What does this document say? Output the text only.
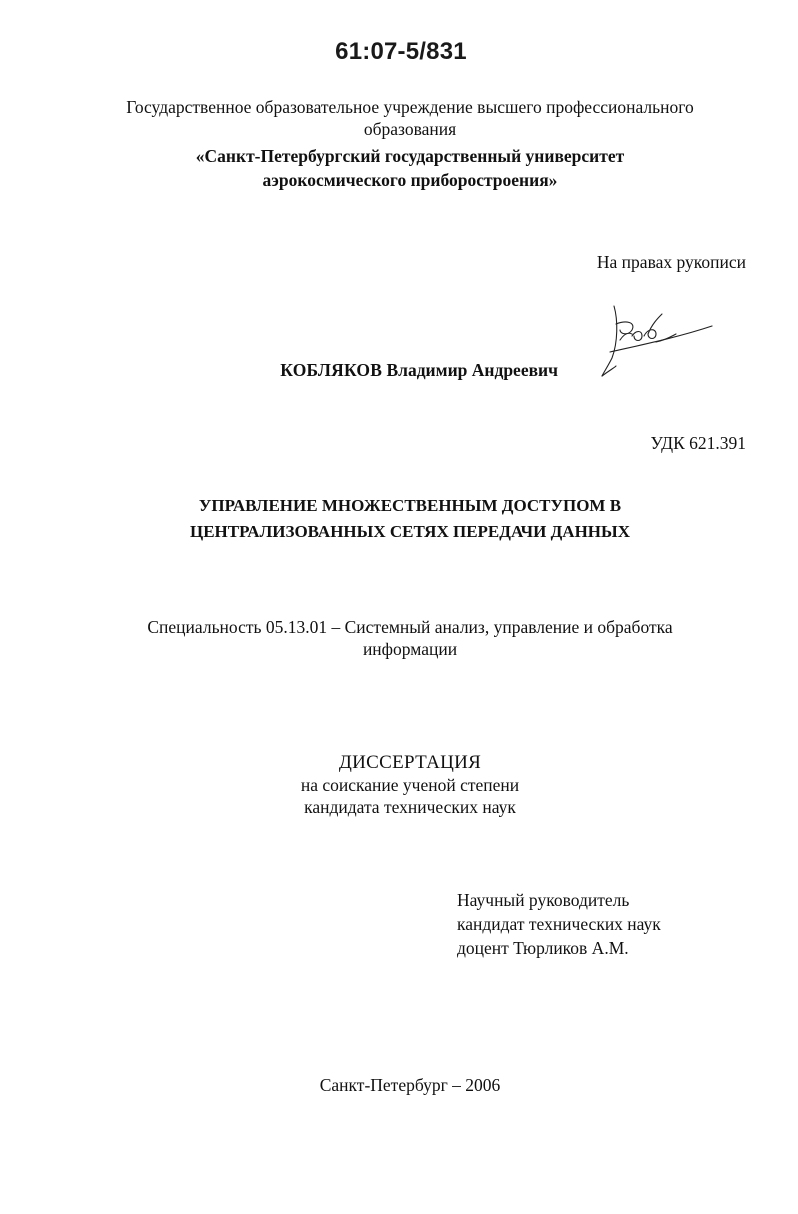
61:07-5/831
Государственное образовательное учреждение высшего профессионального
образования
«Санкт-Петербургский государственный университет
аэрокосмического приборостроения»
На правах рукописи
КОБЛЯКОВ Владимир Андреевич
УДК 621.391
УПРАВЛЕНИЕ МНОЖЕСТВЕННЫМ ДОСТУПОМ В
ЦЕНТРАЛИЗОВАННЫХ СЕТЯХ ПЕРЕДАЧИ ДАННЫХ
Специальность 05.13.01 – Системный анализ, управление и обработка
информации
ДИССЕРТАЦИЯ
на соискание ученой степени
кандидата технических наук
Научный руководитель
кандидат технических наук
доцент Тюрликов А.М.
Санкт-Петербург – 2006
